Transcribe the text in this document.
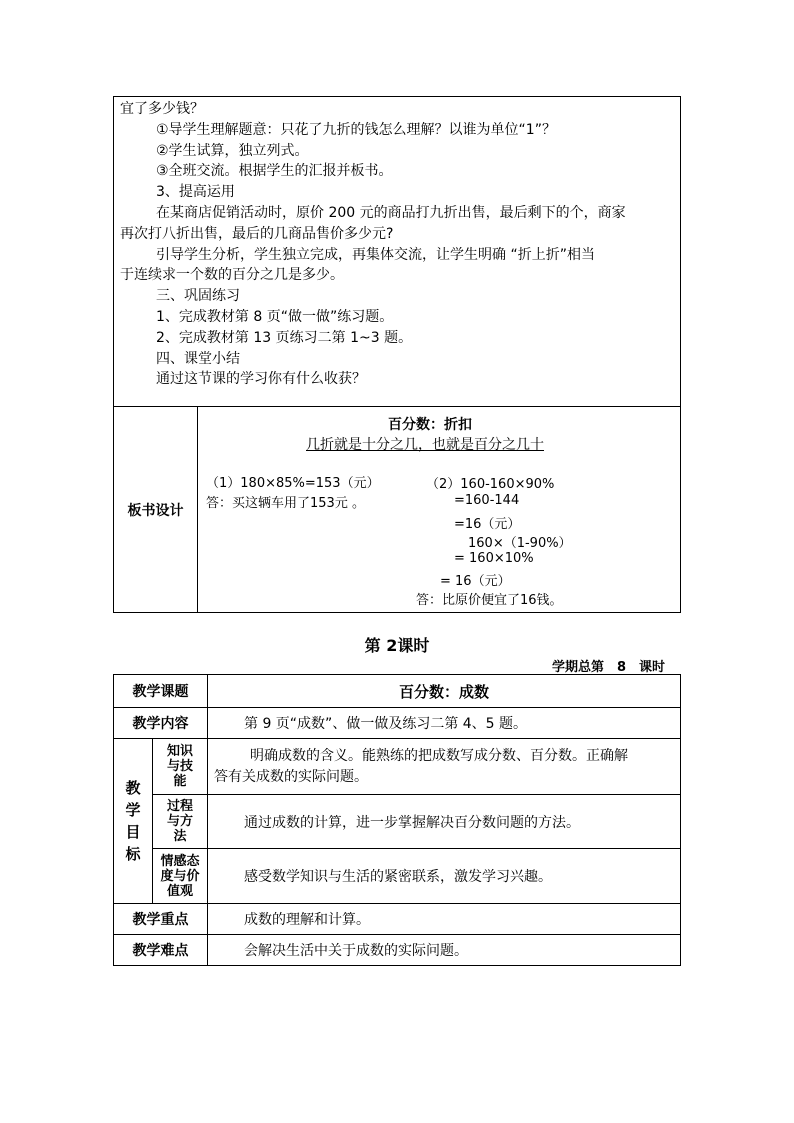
宜了多少钱？

①导学生理解题意：只花了九折的钱怎么理解？以谁为单位“1”？

②学生试算，独立列式。

③全班交流。根据学生的汇报并板书。

3、提高运用

在某商店促销活动时，原价 200 元的商品打九折出售，最后剩下的个，商家

再次打八折出售，最后的几商品售价多少元?

引导学生分析，学生独立完成，再集体交流，让学生明确 “折上折”相当

于连续求一个数的百分之几是多少。

三、巩固练习

1、完成教材第 8 页“做一做”练习题。

2、完成教材第 13 页练习二第 1~3 题。

四、课堂小结

通过这节课的学习你有什么收获？

板书设计	
百分数：折扣
几折就是十分之几，也就是百分之几十
（1）180×85%=153（元）
答：买这辆车用了153元 。
（2）160-160×90%
=160-144
=16（元）
160×（1-90%）
= 160×10%
= 16（元）
答：比原价便宜了16钱。
第 2课时
学期总第　8　课时
教学课题		百分数：成数
教学内容		第 9 页“成数”、做一做及练习二第 4、5 题。

教学目标	知识与技能	明确成数的含义。能熟练的把成数写成分数、百分数。正确解

答有关成数的实际问题。

	过程与方法	通过成数的计算，进一步掌握解决百分数问题的方法。

	情感态度与价值观	感受数学知识与生活的紧密联系，激发学习兴趣。
教学重点		成数的理解和计算。
教学难点		会解决生活中关于成数的实际问题。
